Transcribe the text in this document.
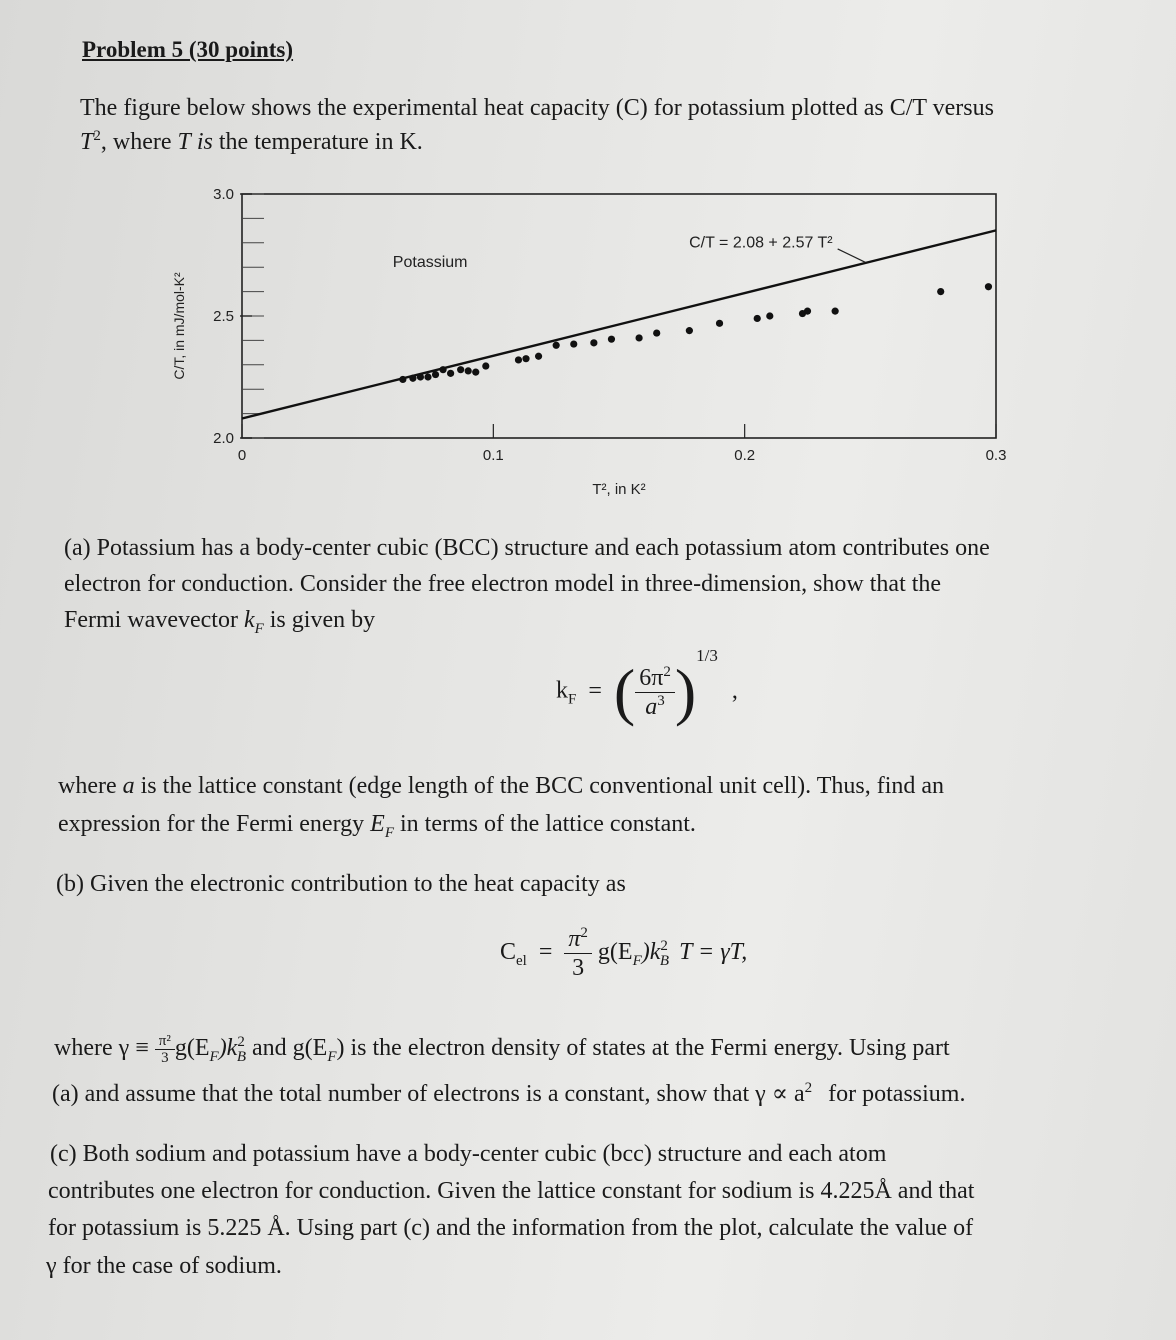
Problem 5 (30 points)
The figure below shows the experimental heat capacity (C) for potassium plotted as C/T versus
$T^2$, where T is the temperature in K.
2.0
2.5
3.0
0	0.1	0.2	0.3
T², in K²
C/T, in mJ/mol-K²
Potassium
C/T = 2.08 + 2.57 T²
(a) Potassium has a body-center cubic (BCC) structure and each potassium atom contributes one
electron for conduction. Consider the free electron model in three-dimension, show that the
Fermi wavevector $k_F$ is given by
$k_F$ = ( $\frac{6\pi^2}{a^3} )^{1/3}$ ,
where a is the lattice constant (edge length of the BCC conventional unit cell). Thus, find an
expression for the Fermi energy $E_F$ in terms of the lattice constant.
(b) Given the electronic contribution to the heat capacity as
$C_{el} = \frac{\pi^2}{3} g(E_F)k^2_B$ T = γT,
where $\gamma \equiv \frac{\text{π²}}{3} g(E_F)k^2_B$ and $g(E_F)$ is the electron density of states at the Fermi energy. Using part
(a) and assume that the total number of electrons is a constant, show that $\gamma \propto a^2$ for potassium.
(c) Both sodium and potassium have a body-center cubic (bcc) structure and each atom
contributes one electron for conduction. Given the lattice constant for sodium is 4.225Å and that
for potassium is 5.225 Å. Using part (c) and the information from the plot, calculate the value of
γ for the case of sodium.
